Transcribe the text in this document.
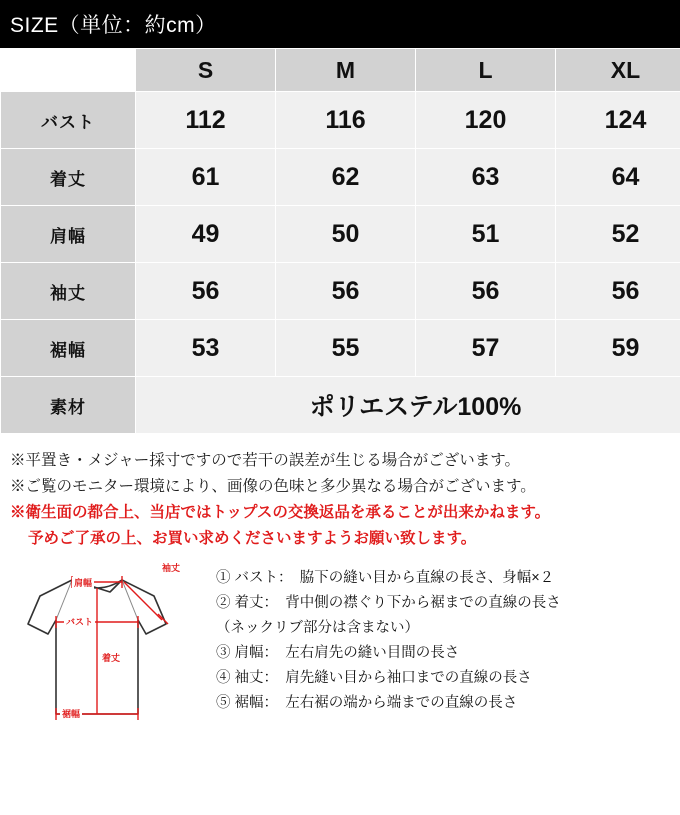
SIZE（単位：約cm）
	S	M	L	XL
バスト	112	116	120	124
着丈	61	62	63	64
肩幅	49	50	51	52
袖丈	56	56	56	56
裾幅	53	55	57	59
素材	ポリエステル100%			
※平置き・メジャー採寸ですので若干の誤差が生じる場合がございます。
※ご覧のモニター環境により、画像の色味と多少異なる場合がございます。
※衛生面の都合上、当店ではトップスの交換返品を承ることが出来かねます。
予めご了承の上、お買い求めくださいますようお願い致します。
袖丈
肩幅
バスト
着丈
裾幅
① バスト：　脇下の縫い目から直線の長さ、身幅×２
② 着丈：　背中側の襟ぐり下から裾までの直線の長さ
（ネックリブ部分は含まない）
③ 肩幅：　左右肩先の縫い目間の長さ
④ 袖丈：　肩先縫い目から袖口までの直線の長さ
⑤ 裾幅：　左右裾の端から端までの直線の長さ
